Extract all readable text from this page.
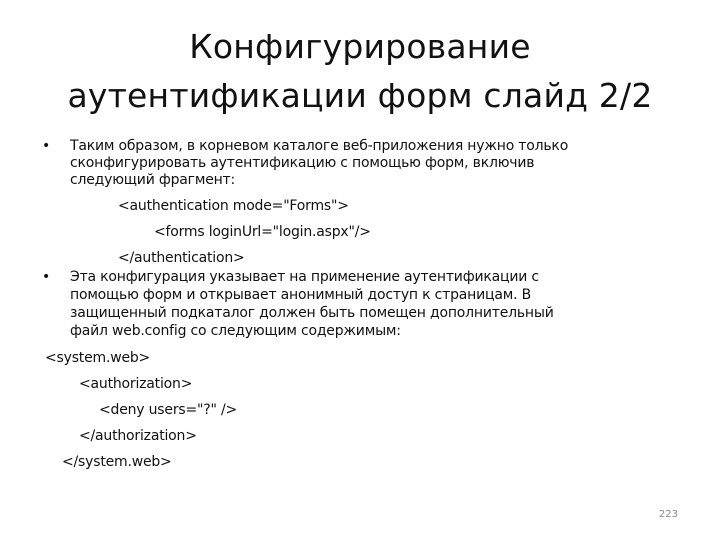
Конфигурирование
аутентификации форм слайд 2/2
• Таким образом, в корневом каталоге веб-приложения нужно только
сконфигурировать аутентификацию с помощью форм, включив
следующий фрагмент:
<authentication mode="Forms">
<forms loginUrl="login.aspx"/>
</authentication>
• Эта конфигурация указывает на применение аутентификации с
помощью форм и открывает анонимный доступ к страницам. В
защищенный подкаталог должен быть помещен дополнительный
файл web.config со следующим содержимым:
<system.web>
<authorization>
<deny users="?" />
</authorization>
</system.web>
223
